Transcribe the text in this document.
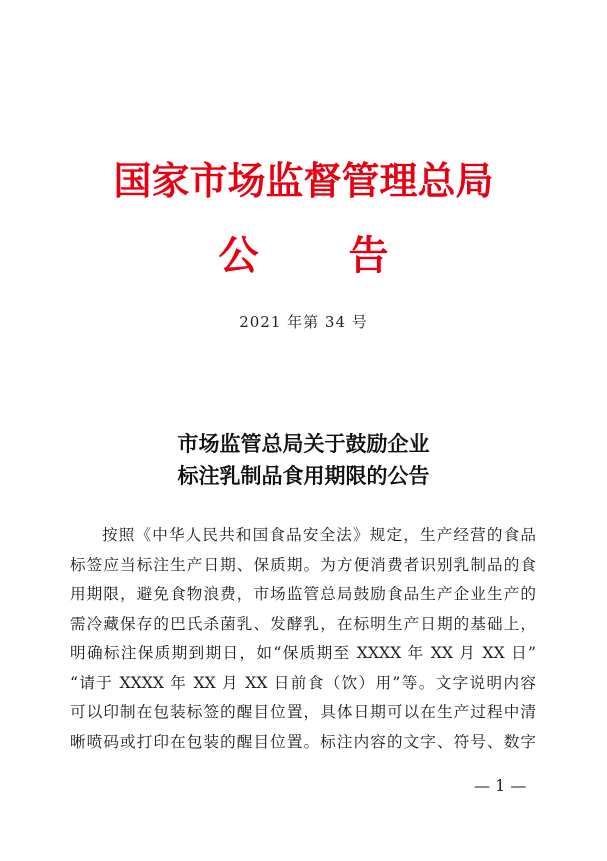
国家市场监督管理总局
公 告
2021 年第 34 号
市场监管总局关于鼓励企业
标注乳制品食用期限的公告
按照《中华人民共和国食品安全法》规定，生产经营的食品
标签应当标注生产日期、保质期。为方便消费者识别乳制品的食
用期限，避免食物浪费，市场监管总局鼓励食品生产企业生产的
需冷藏保存的巴氏杀菌乳、发酵乳，在标明生产日期的基础上，
明确标注保质期到期日，如“保质期至 XXXX 年 XX 月 XX 日”
“请于 XXXX 年 XX 月 XX 日前食（饮）用”等。文字说明内容
可以印制在包装标签的醒目位置，具体日期可以在生产过程中清
晰喷码或打印在包装的醒目位置。标注内容的文字、符号、数字
— 1 —
